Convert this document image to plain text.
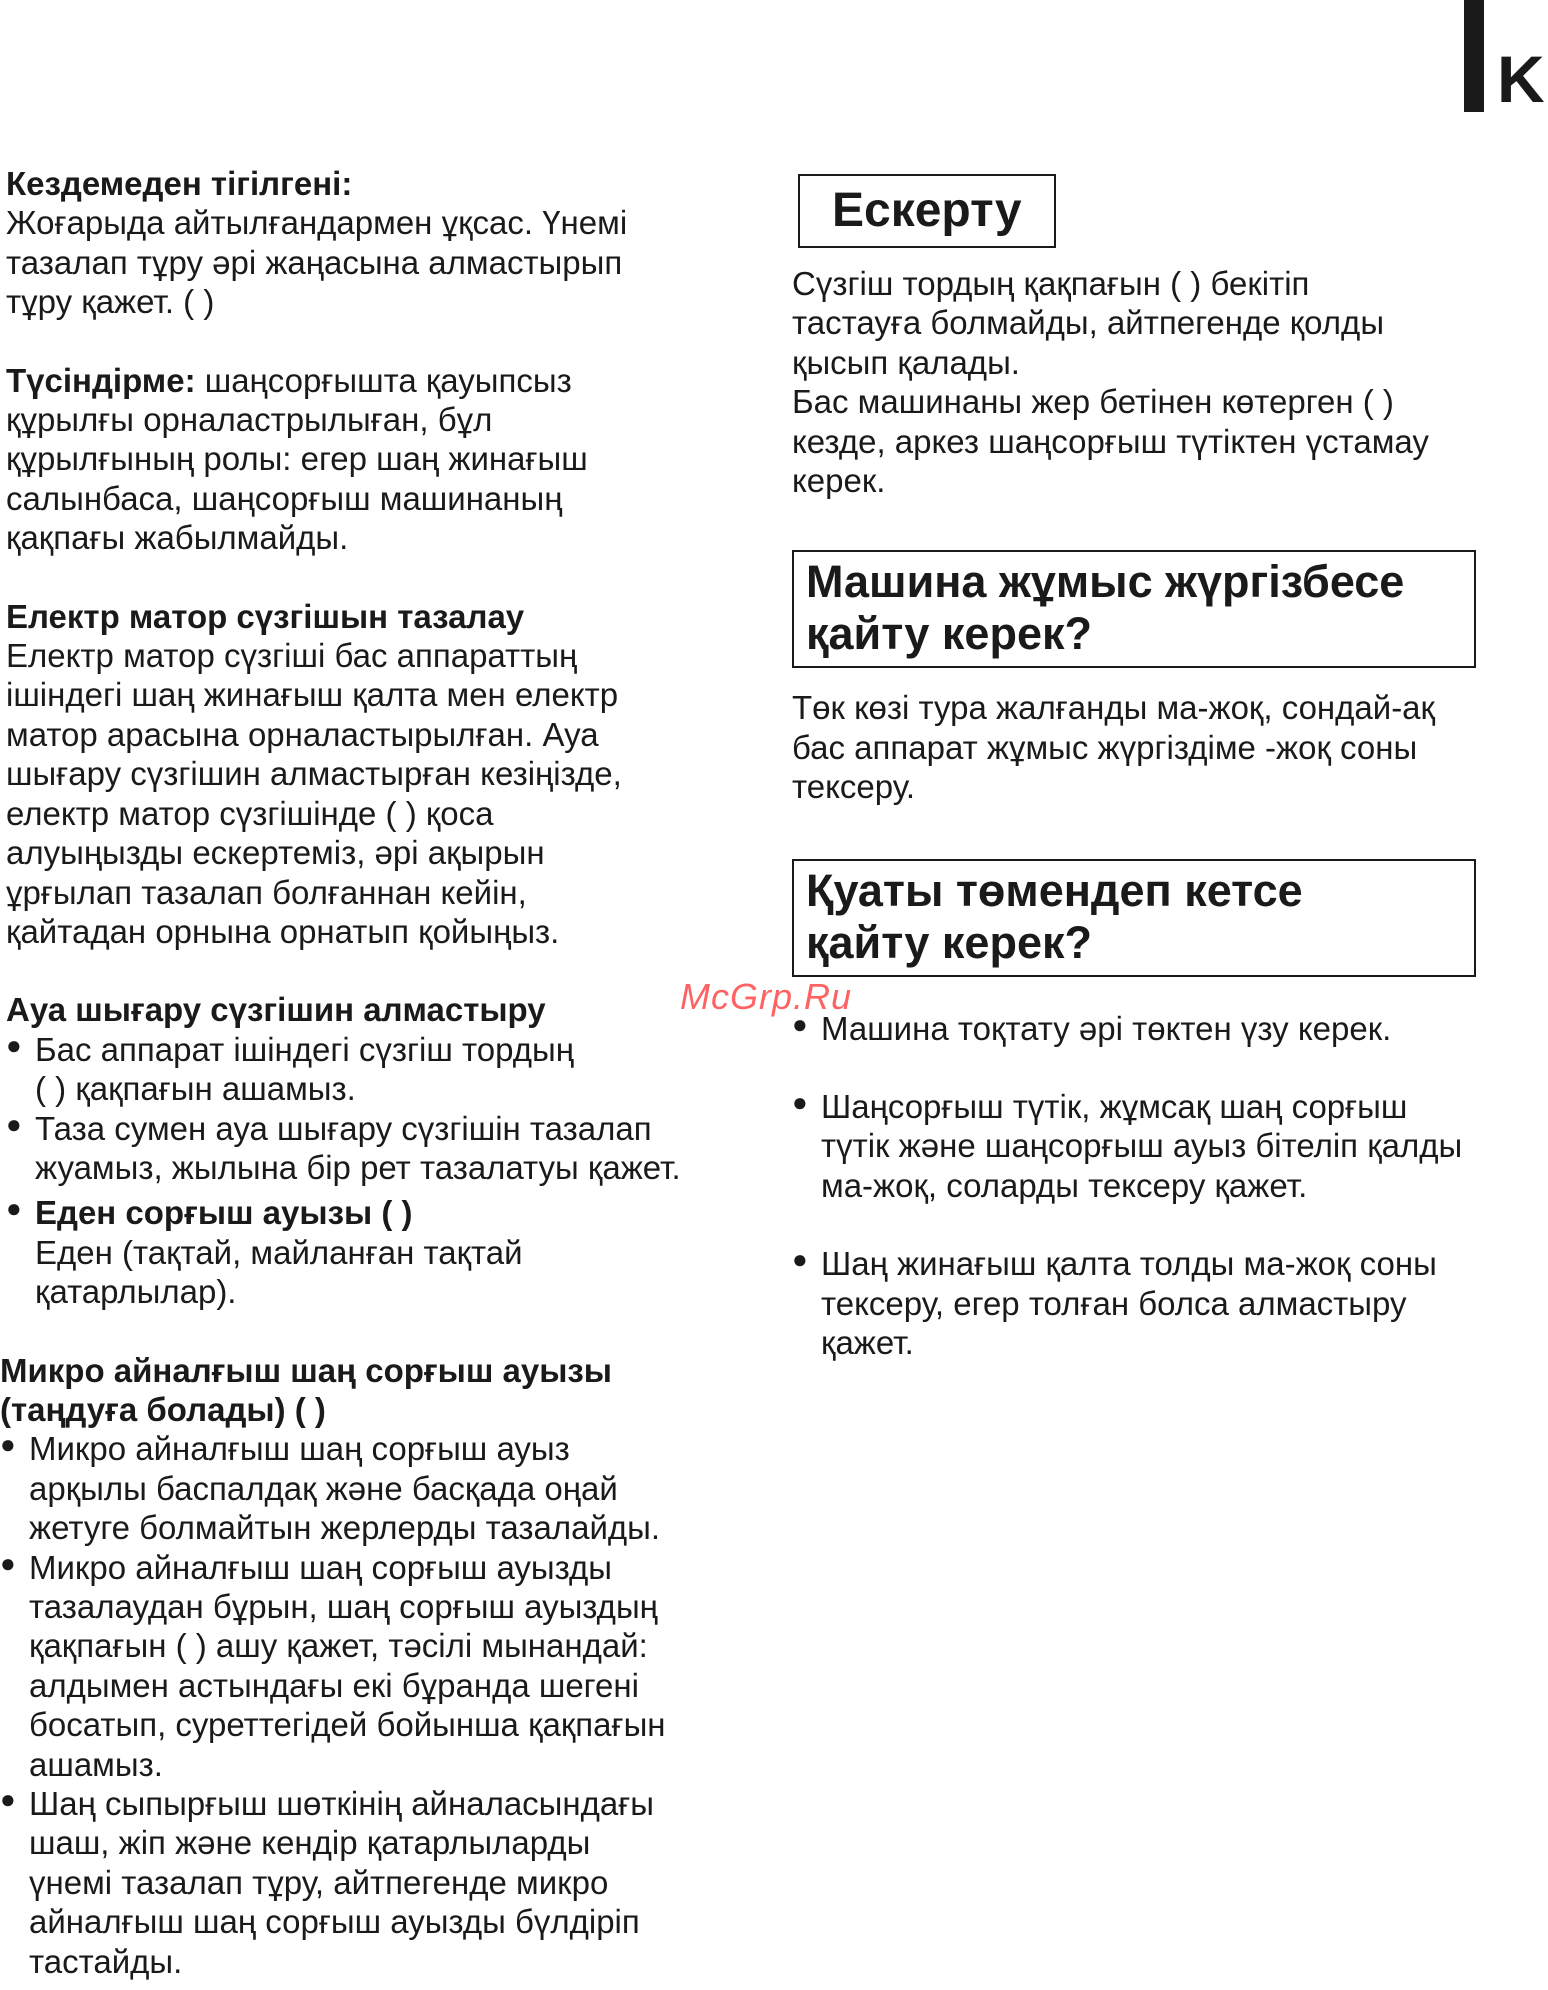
K

Кездемеден тігілгені:

Жоғарыда айтылғандармен ұқсас. Үнемі

тазалап тұру әрі жаңасына алмастырып

тұру қажет. ( )

Түсіндірме: шаңсорғышта қауыпсыз

құрылғы орналастрылыған, бұл

құрылғының ролы: егер шаң жинағыш

салынбаса, шаңсорғыш машинаның

қақпағы жабылмайды.

Електр матор сүзгішын тазалау

Електр матор сүзгіші бас аппараттың

ішіндегі шаң жинағыш қалта мен електр

матор арасына орналастырылған. Ауа

шығару сүзгішин алмастырған кезіңізде,

електр матор сүзгішінде ( ) қоса

алуыңызды ескертеміз, әрі ақырын

ұрғылап тазалап болғаннан кейін,

қайтадан орнына орнатып қойыңыз.

Ауа шығару сүзгішин алмастыру

● Бас аппарат ішіндегі сүзгіш тордың

( ) қақпағын ашамыз.

● Таза сумен ауа шығару сүзгішін тазалап

жуамыз, жылына бір рет тазалатуы қажет.

● Еден сорғыш ауызы ( )

Еден (тақтай, майланған тақтай

қатарлылар).

Микро айналғыш шаң сорғыш ауызы

(таңдуға болады) ( )

● Микро айналғыш шаң сорғыш ауыз

арқылы баспалдақ және басқада оңай

жетуге болмайтын жерлерды тазалайды.

● Микро айналғыш шаң сорғыш ауызды

тазалаудан бұрын, шаң сорғыш ауыздың

қақпағын ( ) ашу қажет, тәсілі мынандай:

алдымен астындағы екі бұранда шегені

босатып, суреттегідей бойынша қақпағын

ашамыз.

● Шаң сыпырғыш шөткінің айналасындағы

шаш, жіп және кендір қатарлыларды

үнемі тазалап тұру, айтпегенде микро

айналғыш шаң сорғыш ауызды бүлдіріп

тастайды.

Ескерту

Сүзгіш тордың қақпағын ( ) бекітіп

тастауға болмайды, айтпегенде қолды

қысып қалады.

Бас машинаны жер бетінен көтерген ( )

кезде, аркез шаңсорғыш түтіктен үстамау

керек.

Машина жұмыс жүргізбесе
қайту керек?

Төк көзі тура жалғанды ма-жоқ, сондай-ақ

бас аппарат жұмыс жүргіздіме -жоқ соны

тексеру.

Қуаты төмендеп кетсе
қайту керек?

● Машина тоқтату әрі төктен үзу керек.

● Шаңсорғыш түтік, жұмсақ шаң сорғыш

түтік және шаңсорғыш ауыз бітеліп қалды

ма-жоқ, соларды тексеру қажет.

● Шаң жинағыш қалта толды ма-жоқ соны

тексеру, егер толған болса алмастыру

қажет.

McGrp.Ru
